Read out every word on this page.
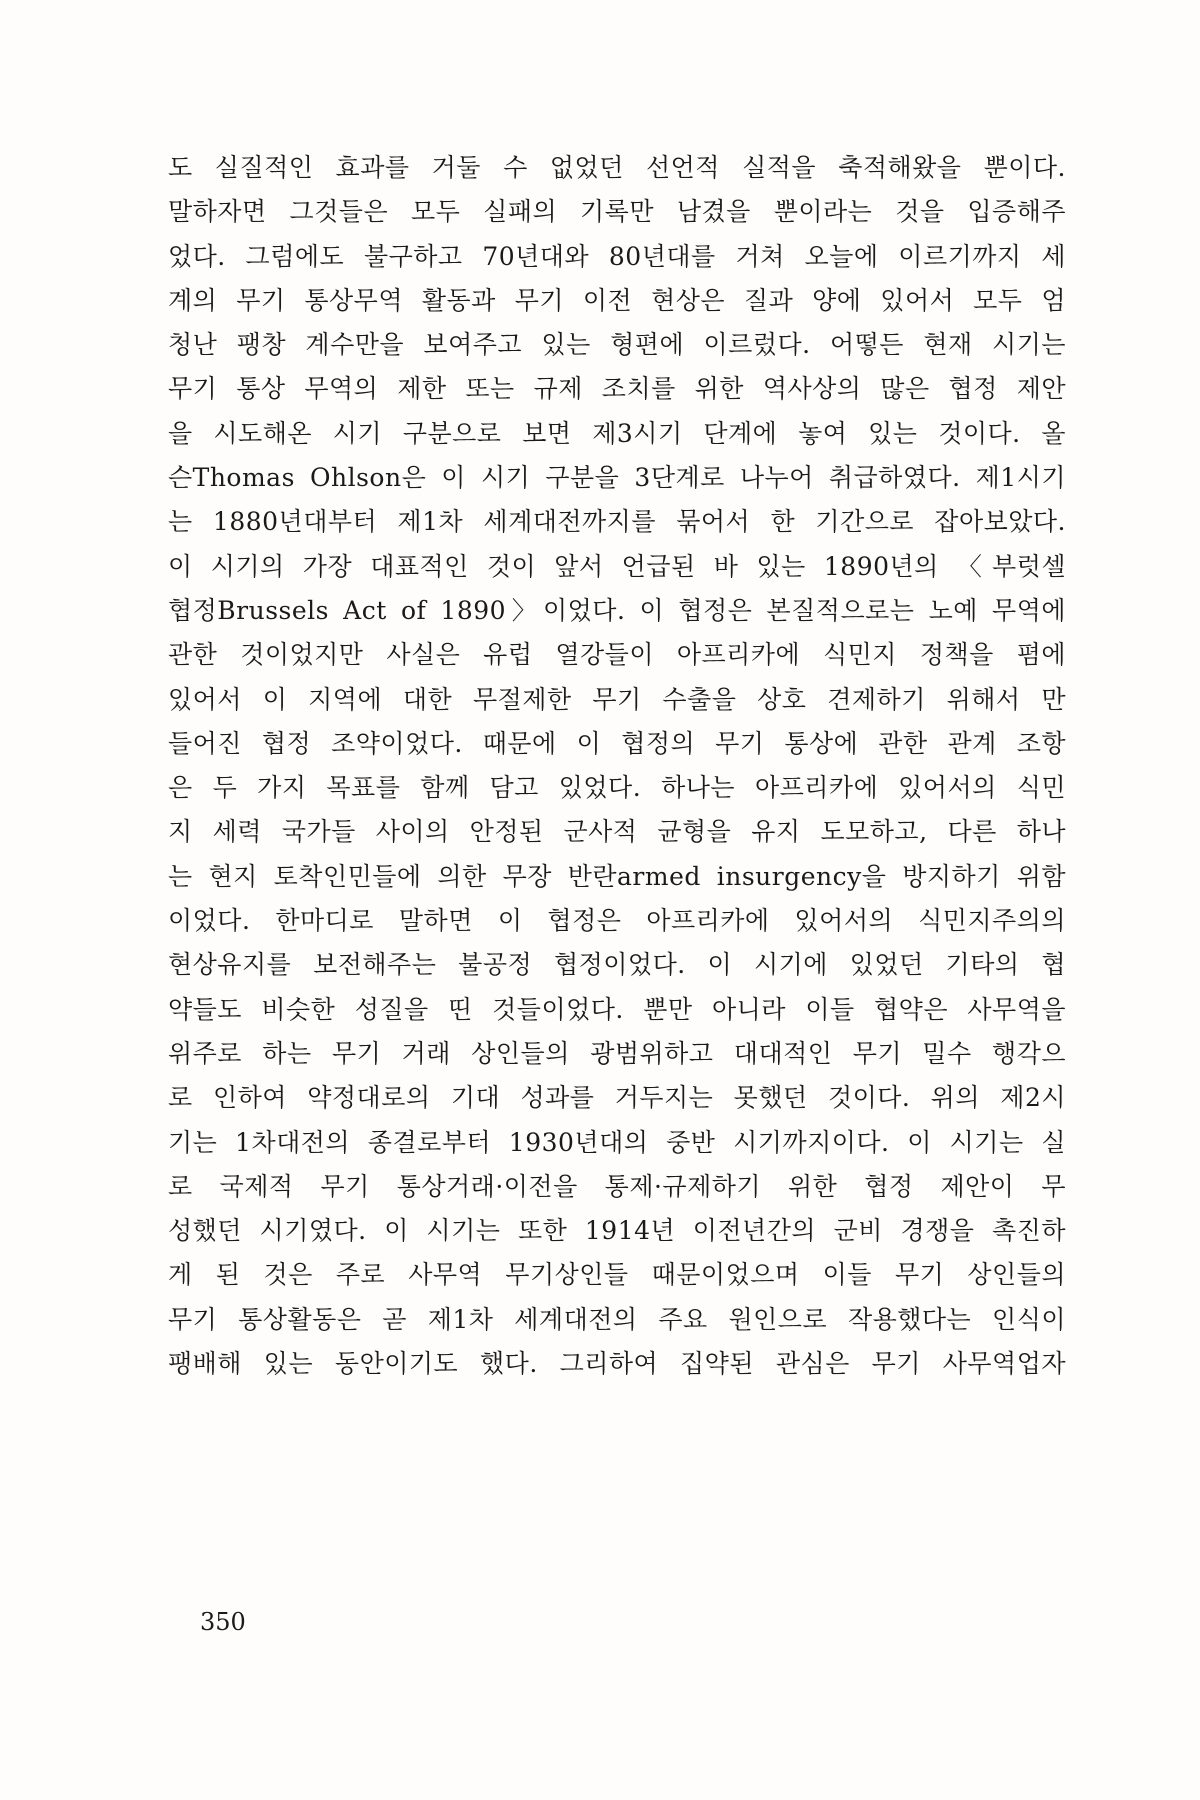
도 실질적인 효과를 거둘 수 없었던 선언적 실적을 축적해왔을 뿐이다.
말하자면 그것들은 모두 실패의 기록만 남겼을 뿐이라는 것을 입증해주
었다. 그럼에도 불구하고 70년대와 80년대를 거쳐 오늘에 이르기까지 세
계의 무기 통상무역 활동과 무기 이전 현상은 질과 양에 있어서 모두 엄
청난 팽창 계수만을 보여주고 있는 형편에 이르렀다. 어떻든 현재 시기는
무기 통상 무역의 제한 또는 규제 조치를 위한 역사상의 많은 협정 제안
을 시도해온 시기 구분으로 보면 제3시기 단계에 놓여 있는 것이다. 올
슨Thomas Ohlson은 이 시기 구분을 3단계로 나누어 취급하였다. 제1시기
는 1880년대부터 제1차 세계대전까지를 묶어서 한 기간으로 잡아보았다.
이 시기의 가장 대표적인 것이 앞서 언급된 바 있는 1890년의 〈부럿셀
협정Brussels Act of 1890〉이었다. 이 협정은 본질적으로는 노예 무역에
관한 것이었지만 사실은 유럽 열강들이 아프리카에 식민지 정책을 폄에
있어서 이 지역에 대한 무절제한 무기 수출을 상호 견제하기 위해서 만
들어진 협정 조약이었다. 때문에 이 협정의 무기 통상에 관한 관계 조항
은 두 가지 목표를 함께 담고 있었다. 하나는 아프리카에 있어서의 식민
지 세력 국가들 사이의 안정된 군사적 균형을 유지 도모하고, 다른 하나
는 현지 토착인민들에 의한 무장 반란armed insurgency을 방지하기 위함
이었다. 한마디로 말하면 이 협정은 아프리카에 있어서의 식민지주의의
현상유지를 보전해주는 불공정 협정이었다. 이 시기에 있었던 기타의 협
약들도 비슷한 성질을 띤 것들이었다. 뿐만 아니라 이들 협약은 사무역을
위주로 하는 무기 거래 상인들의 광범위하고 대대적인 무기 밀수 행각으
로 인하여 약정대로의 기대 성과를 거두지는 못했던 것이다. 위의 제2시
기는 1차대전의 종결로부터 1930년대의 중반 시기까지이다. 이 시기는 실
로 국제적 무기 통상거래·이전을 통제·규제하기 위한 협정 제안이 무
성했던 시기였다. 이 시기는 또한 1914년 이전년간의 군비 경쟁을 촉진하
게 된 것은 주로 사무역 무기상인들 때문이었으며 이들 무기 상인들의
무기 통상활동은 곧 제1차 세계대전의 주요 원인으로 작용했다는 인식이
팽배해 있는 동안이기도 했다. 그리하여 집약된 관심은 무기 사무역업자
350
